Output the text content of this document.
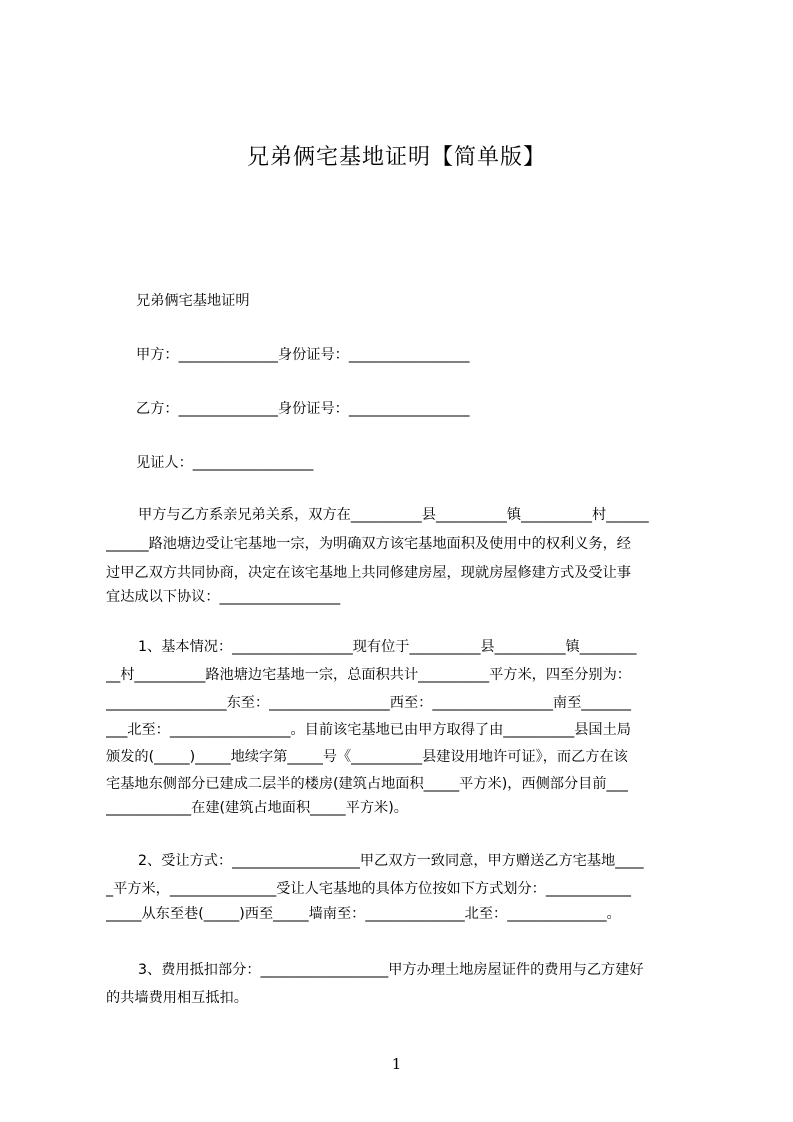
兄弟俩宅基地证明【简单版】
兄弟俩宅基地证明
甲方：______________身份证号：_________________
乙方：______________身份证号：_________________
见证人：_________________
甲方与乙方系亲兄弟关系，双方在__________县__________镇__________村______
______路池塘边受让宅基地一宗，为明确双方该宅基地面积及使用中的权利义务，经
过甲乙双方共同协商，决定在该宅基地上共同修建房屋，现就房屋修建方式及受让事
宜达成以下协议：_________________
1、基本情况：_________________现有位于__________县__________镇________
__村__________路池塘边宅基地一宗，总面积共计__________平方米，四至分别为：
_________________东至：_________________西至：_________________南至_______
___北至：_________________。目前该宅基地已由甲方取得了由__________县国土局
颁发的(_____)_____地续字第_____号《__________县建设用地许可证》，而乙方在该
宅基地东侧部分已建成二层半的楼房(建筑占地面积_____平方米)，西侧部分目前___
____________在建(建筑占地面积_____平方米)。
2、受让方式：__________________甲乙双方一致同意，甲方赠送乙方宅基地____
_平方米，_______________受让人宅基地的具体方位按如下方式划分：____________
_____从东至巷(_____)西至_____墙南至：______________北至：______________。
3、费用抵扣部分：__________________甲方办理土地房屋证件的费用与乙方建好
的共墙费用相互抵扣。
1
